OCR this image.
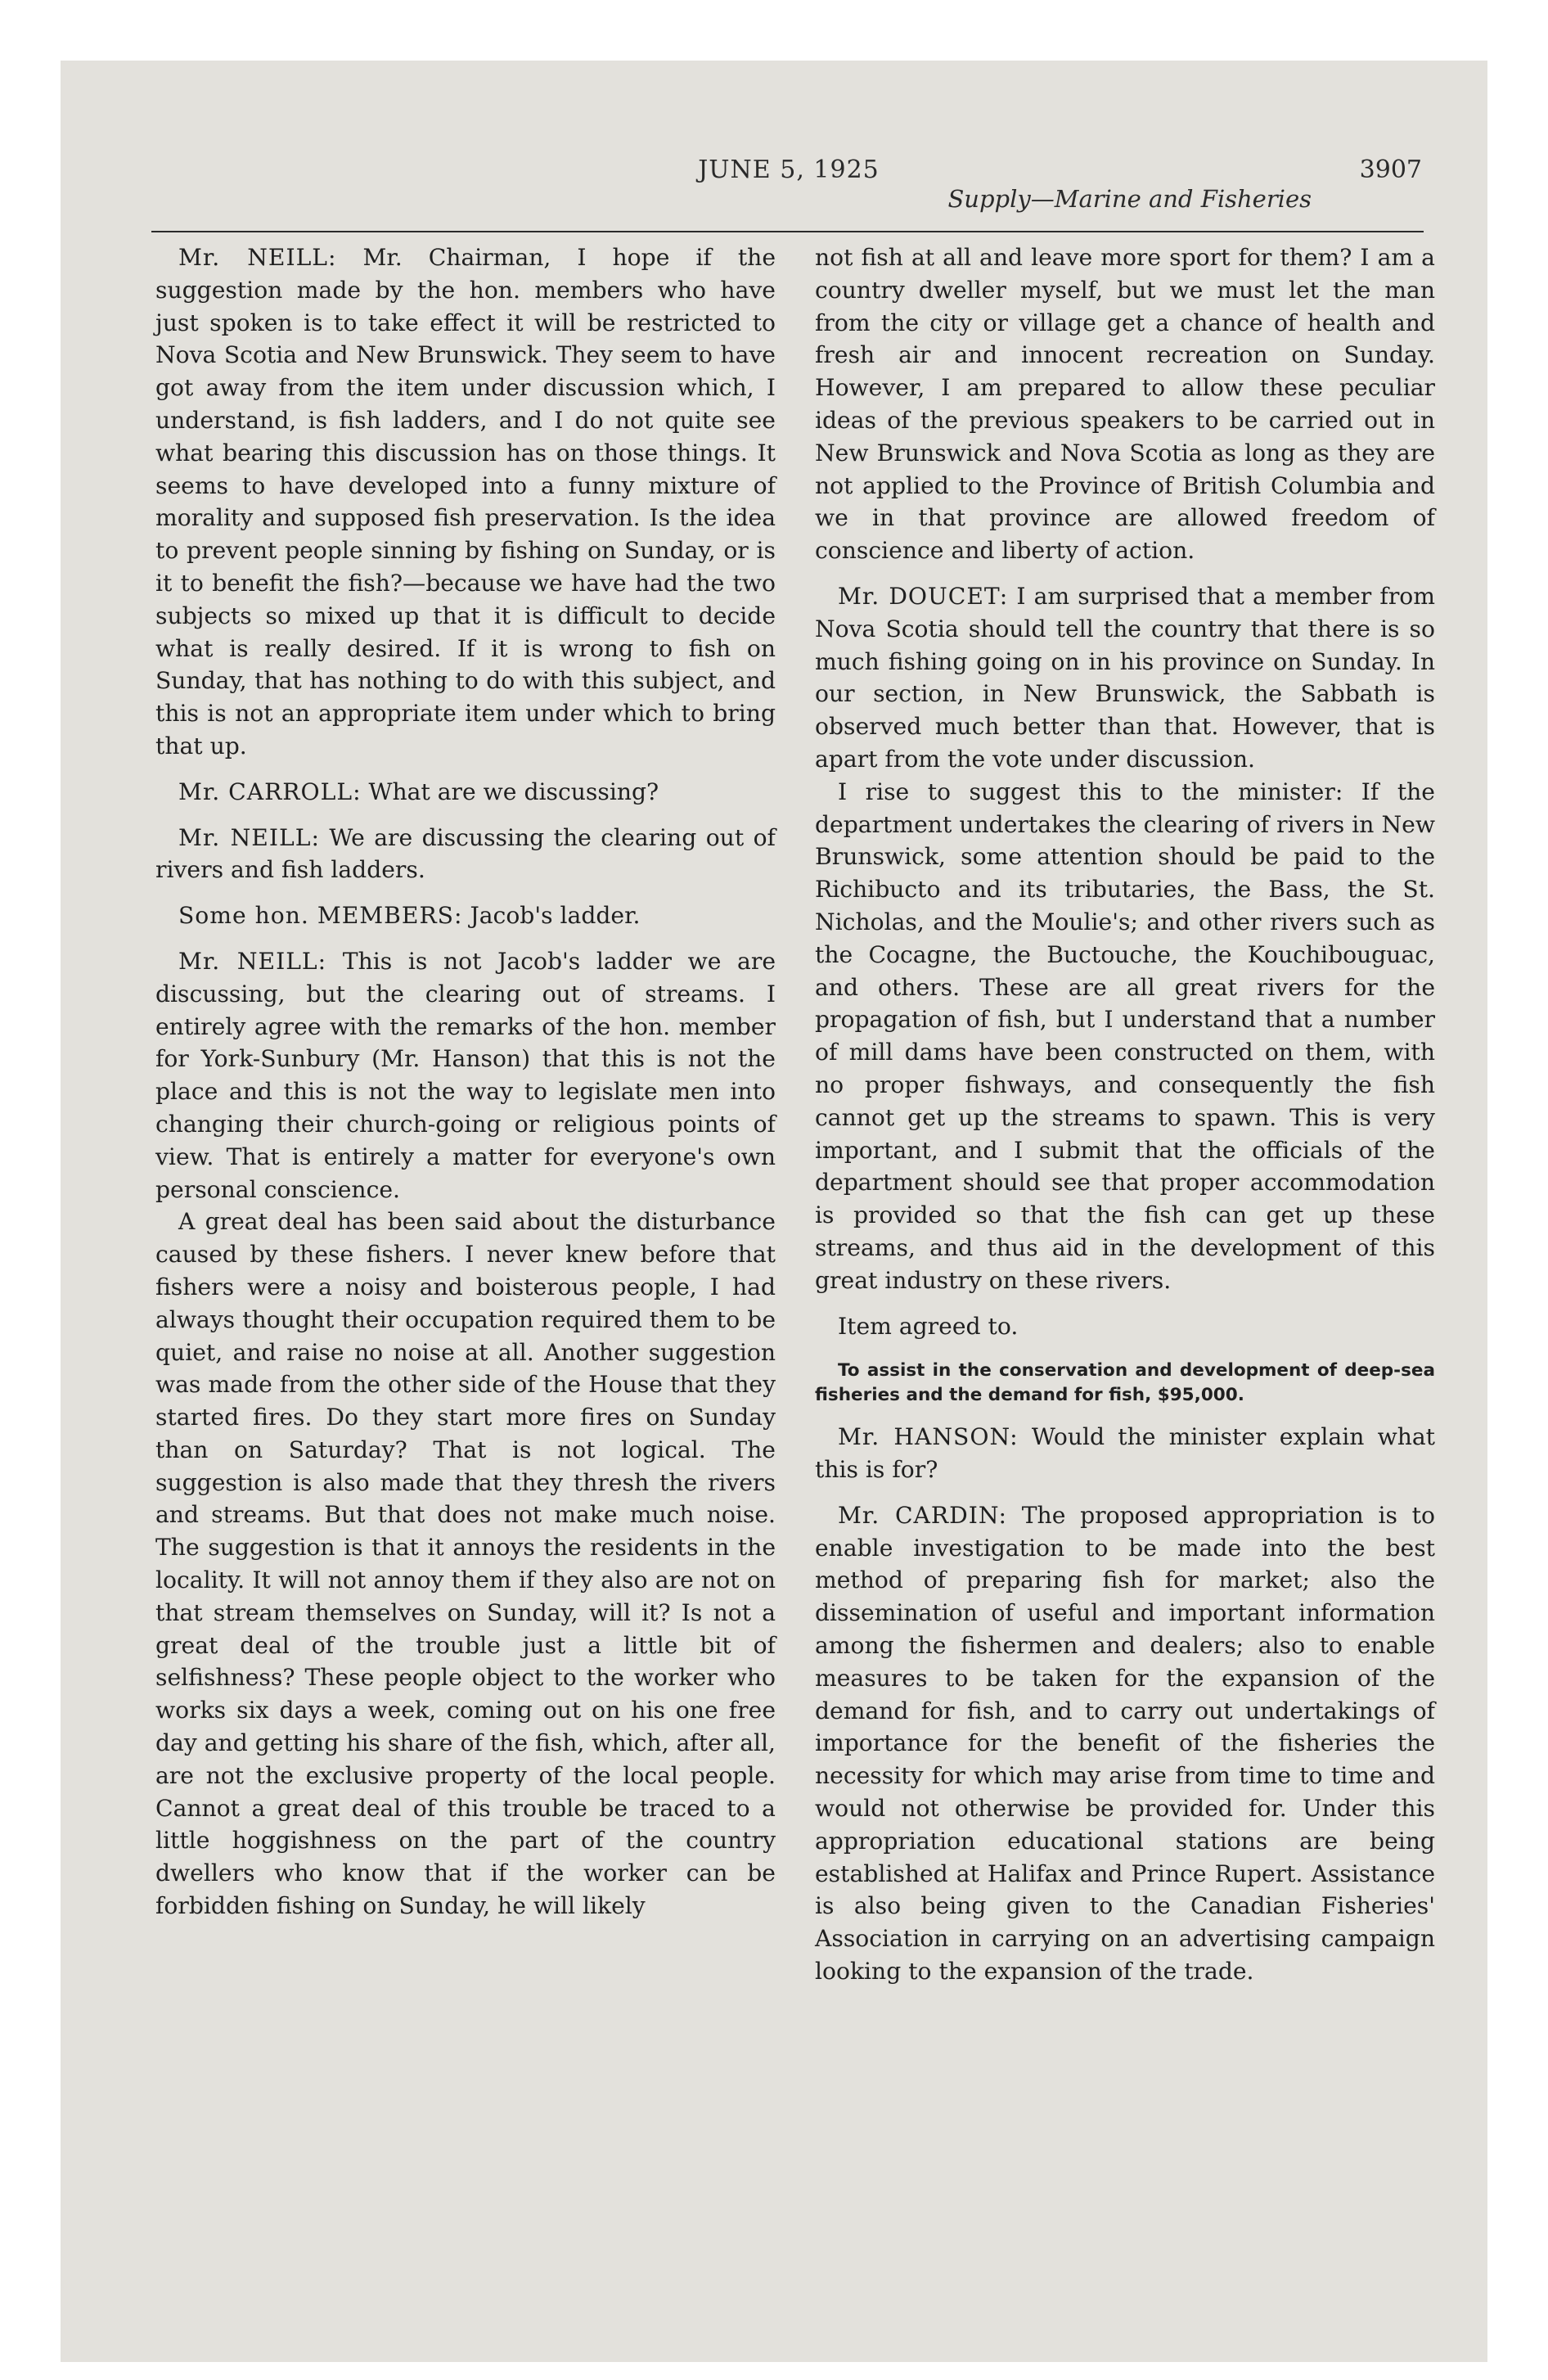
JUNE 5, 1925	3907
Supply—Marine and Fisheries

Mr. NEILL: Mr. Chairman, I hope if the suggestion made by the hon. members who have just spoken is to take effect it will be restricted to Nova Scotia and New Brunswick. They seem to have got away from the item under discussion which, I understand, is fish ladders, and I do not quite see what bearing this discussion has on those things. It seems to have developed into a funny mixture of morality and supposed fish preservation. Is the idea to prevent people sinning by fishing on Sunday, or is it to benefit the fish?—because we have had the two subjects so mixed up that it is difficult to decide what is really desired. If it is wrong to fish on Sunday, that has nothing to do with this subject, and this is not an appropriate item under which to bring that up.

Mr. CARROLL: What are we discussing?

Mr. NEILL: We are discussing the clearing out of rivers and fish ladders.

Some hon. MEMBERS: Jacob's ladder.

Mr. NEILL: This is not Jacob's ladder we are discussing, but the clearing out of streams. I entirely agree with the remarks of the hon. member for York-Sunbury (Mr. Hanson) that this is not the place and this is not the way to legislate men into changing their church-going or religious points of view. That is entirely a matter for everyone's own personal conscience.

A great deal has been said about the disturbance caused by these fishers. I never knew before that fishers were a noisy and boisterous people, I had always thought their occupation required them to be quiet, and raise no noise at all. Another suggestion was made from the other side of the House that they started fires. Do they start more fires on Sunday than on Saturday? That is not logical. The suggestion is also made that they thresh the rivers and streams. But that does not make much noise. The suggestion is that it annoys the residents in the locality. It will not annoy them if they also are not on that stream themselves on Sunday, will it? Is not a great deal of the trouble just a little bit of selfishness? These people object to the worker who works six days a week, coming out on his one free day and getting his share of the fish, which, after all, are not the exclusive property of the local people. Cannot a great deal of this trouble be traced to a little hoggishness on the part of the country dwellers who know that if the worker can be forbidden fishing on Sunday, he will likely

not fish at all and leave more sport for them? I am a country dweller myself, but we must let the man from the city or village get a chance of health and fresh air and innocent recreation on Sunday. However, I am prepared to allow these peculiar ideas of the previous speakers to be carried out in New Brunswick and Nova Scotia as long as they are not applied to the Province of British Columbia and we in that province are allowed freedom of conscience and liberty of action.

Mr. DOUCET: I am surprised that a member from Nova Scotia should tell the country that there is so much fishing going on in his province on Sunday. In our section, in New Brunswick, the Sabbath is observed much better than that. However, that is apart from the vote under discussion.

I rise to suggest this to the minister: If the department undertakes the clearing of rivers in New Brunswick, some attention should be paid to the Richibucto and its tributaries, the Bass, the St. Nicholas, and the Moulie's; and other rivers such as the Cocagne, the Buctouche, the Kouchibouguac, and others. These are all great rivers for the propagation of fish, but I understand that a number of mill dams have been constructed on them, with no proper fishways, and consequently the fish cannot get up the streams to spawn. This is very important, and I submit that the officials of the department should see that proper accommodation is provided so that the fish can get up these streams, and thus aid in the development of this great industry on these rivers.

Item agreed to.

To assist in the conservation and development of deep-sea fisheries and the demand for fish, $95,000.

Mr. HANSON: Would the minister explain what this is for?

Mr. CARDIN: The proposed appropriation is to enable investigation to be made into the best method of preparing fish for market; also the dissemination of useful and important information among the fishermen and dealers; also to enable measures to be taken for the expansion of the demand for fish, and to carry out undertakings of importance for the benefit of the fisheries the necessity for which may arise from time to time and would not otherwise be provided for. Under this appropriation educational stations are being established at Halifax and Prince Rupert. Assistance is also being given to the Canadian Fisheries' Association in carrying on an advertising campaign looking to the expansion of the trade.
